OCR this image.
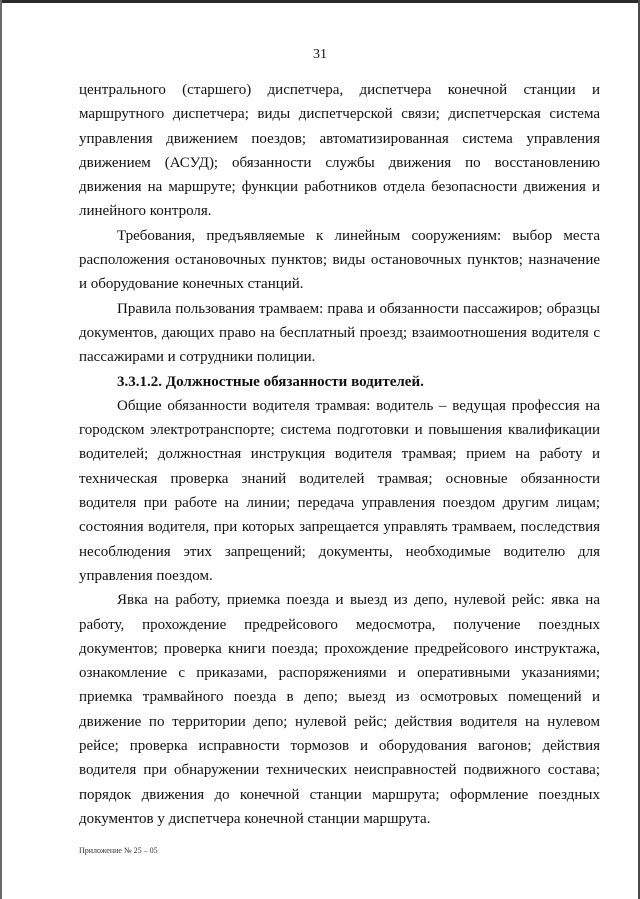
31

центрального (старшего) диспетчера, диспетчера конечной станции и маршрутного диспетчера; виды диспетчерской связи; диспетчерская система управления движением поездов; автоматизированная система управления движением (АСУД); обязанности службы движения по восстановлению движения на маршруте; функции работников отдела безопасности движения и линейного контроля.

Требования, предъявляемые к линейным сооружениям: выбор места расположения остановочных пунктов; виды остановочных пунктов; назначение и оборудование конечных станций.

Правила пользования трамваем: права и обязанности пассажиров; образцы документов, дающих право на бесплатный проезд; взаимоотношения водителя с пассажирами и сотрудники полиции.

3.3.1.2. Должностные обязанности водителей.

Общие обязанности водителя трамвая: водитель – ведущая профессия на городском электротранспорте; система подготовки и повышения квалификации водителей; должностная инструкция водителя трамвая; прием на работу и техническая проверка знаний водителей трамвая; основные обязанности водителя при работе на линии; передача управления поездом другим лицам; состояния водителя, при которых запрещается управлять трамваем, последствия несоблюдения этих запрещений; документы, необходимые водителю для управления поездом.

Явка на работу, приемка поезда и выезд из депо, нулевой рейс: явка на работу, прохождение предрейсового медосмотра, получение поездных документов; проверка книги поезда; прохождение предрейсового инструктажа, ознакомление с приказами, распоряжениями и оперативными указаниями; приемка трамвайного поезда в депо; выезд из осмотровых помещений и движение по территории депо; нулевой рейс; действия водителя на нулевом рейсе; проверка исправности тормозов и оборудования вагонов; действия водителя при обнаружении технических неисправностей подвижного состава; порядок движения до конечной станции маршрута; оформление поездных документов у диспетчера конечной станции маршрута.

Приложение № 25 – 05
